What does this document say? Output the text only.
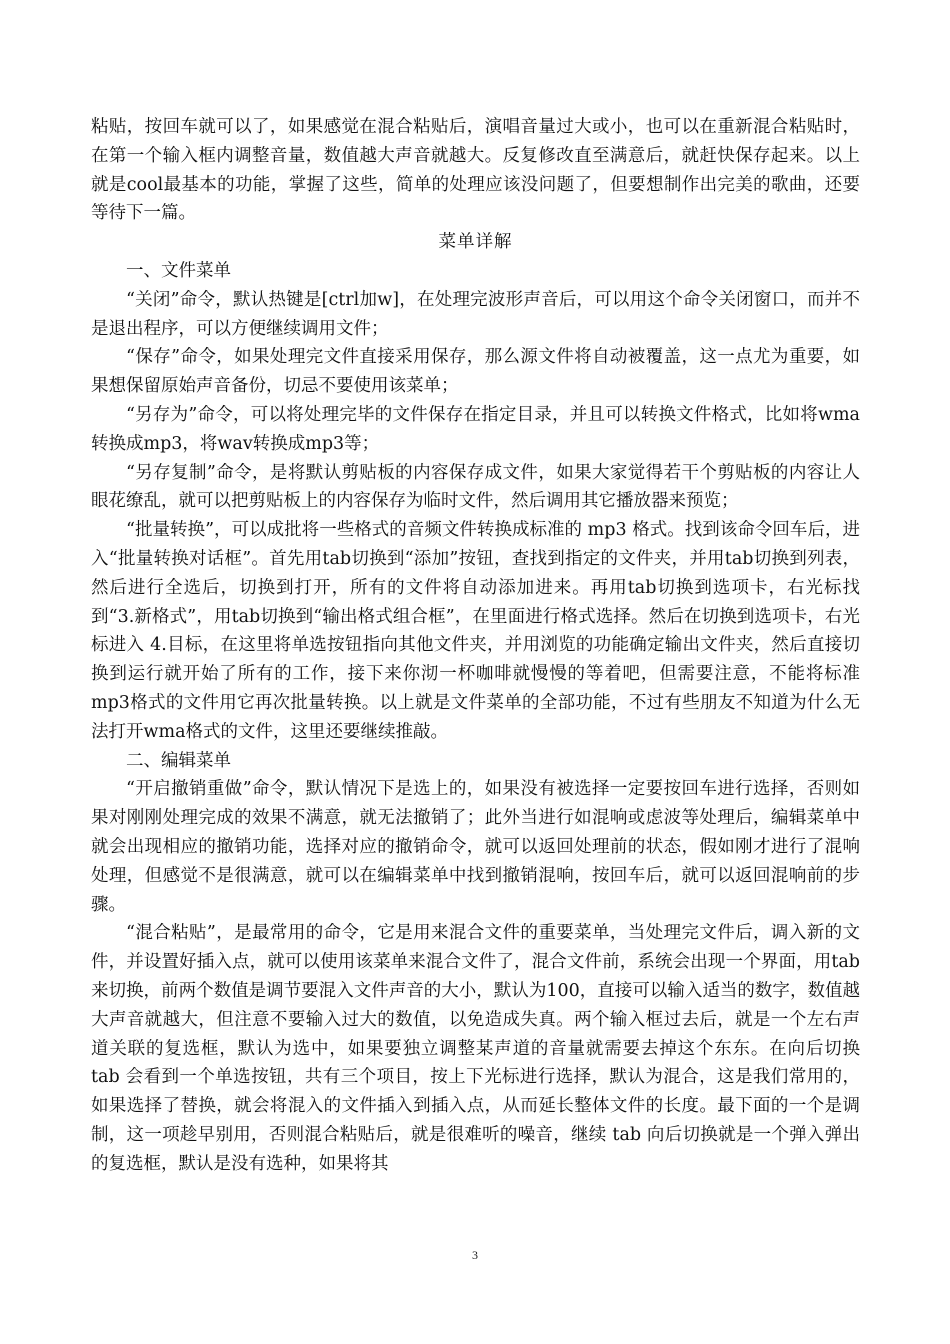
粘贴，按回车就可以了，如果感觉在混合粘贴后，演唱音量过大或小，也可以在重新混合粘贴时，在第一个输入框内调整音量，数值越大声音就越大。反复修改直至满意后，就赶快保存起来。以上就是cool最基本的功能，掌握了这些，简单的处理应该没问题了，但要想制作出完美的歌曲，还要等待下一篇。

菜单详解

一、文件菜单

“关闭”命令，默认热键是[ctrl加w]，在处理完波形声音后，可以用这个命令关闭窗口，而并不是退出程序，可以方便继续调用文件；

“保存”命令，如果处理完文件直接采用保存，那么源文件将自动被覆盖，这一点尤为重要，如果想保留原始声音备份，切忌不要使用该菜单；

“另存为”命令，可以将处理完毕的文件保存在指定目录，并且可以转换文件格式，比如将wma转换成mp3，将wav转换成mp3等；

“另存复制”命令，是将默认剪贴板的内容保存成文件，如果大家觉得若干个剪贴板的内容让人眼花缭乱，就可以把剪贴板上的内容保存为临时文件，然后调用其它播放器来预览；

“批量转换”，可以成批将一些格式的音频文件转换成标准的 mp3 格式。找到该命令回车后，进入“批量转换对话框”。首先用tab切换到“添加”按钮，查找到指定的文件夹，并用tab切换到列表，然后进行全选后，切换到打开，所有的文件将自动添加进来。再用tab切换到选项卡，右光标找到“3.新格式”，用tab切换到“输出格式组合框”，在里面进行格式选择。然后在切换到选项卡，右光标进入 4.目标，在这里将单选按钮指向其他文件夹，并用浏览的功能确定输出文件夹，然后直接切换到运行就开始了所有的工作，接下来你沏一杯咖啡就慢慢的等着吧，但需要注意，不能将标准mp3格式的文件用它再次批量转换。以上就是文件菜单的全部功能，不过有些朋友不知道为什么无法打开wma格式的文件，这里还要继续推敲。

二、编辑菜单

“开启撤销重做”命令，默认情况下是选上的，如果没有被选择一定要按回车进行选择，否则如果对刚刚处理完成的效果不满意，就无法撤销了；此外当进行如混响或虑波等处理后，编辑菜单中就会出现相应的撤销功能，选择对应的撤销命令，就可以返回处理前的状态，假如刚才进行了混响处理，但感觉不是很满意，就可以在编辑菜单中找到撤销混响，按回车后，就可以返回混响前的步骤。

“混合粘贴”，是最常用的命令，它是用来混合文件的重要菜单，当处理完文件后，调入新的文件，并设置好插入点，就可以使用该菜单来混合文件了，混合文件前，系统会出现一个界面，用tab来切换，前两个数值是调节要混入文件声音的大小，默认为100，直接可以输入适当的数字，数值越大声音就越大，但注意不要输入过大的数值，以免造成失真。两个输入框过去后，就是一个左右声道关联的复选框，默认为选中，如果要独立调整某声道的音量就需要去掉这个东东。在向后切换 tab 会看到一个单选按钮，共有三个项目，按上下光标进行选择，默认为混合，这是我们常用的，如果选择了替换，就会将混入的文件插入到插入点，从而延长整体文件的长度。最下面的一个是调制，这一项趁早别用，否则混合粘贴后，就是很难听的噪音，继续 tab 向后切换就是一个弹入弹出的复选框，默认是没有选种，如果将其

3
